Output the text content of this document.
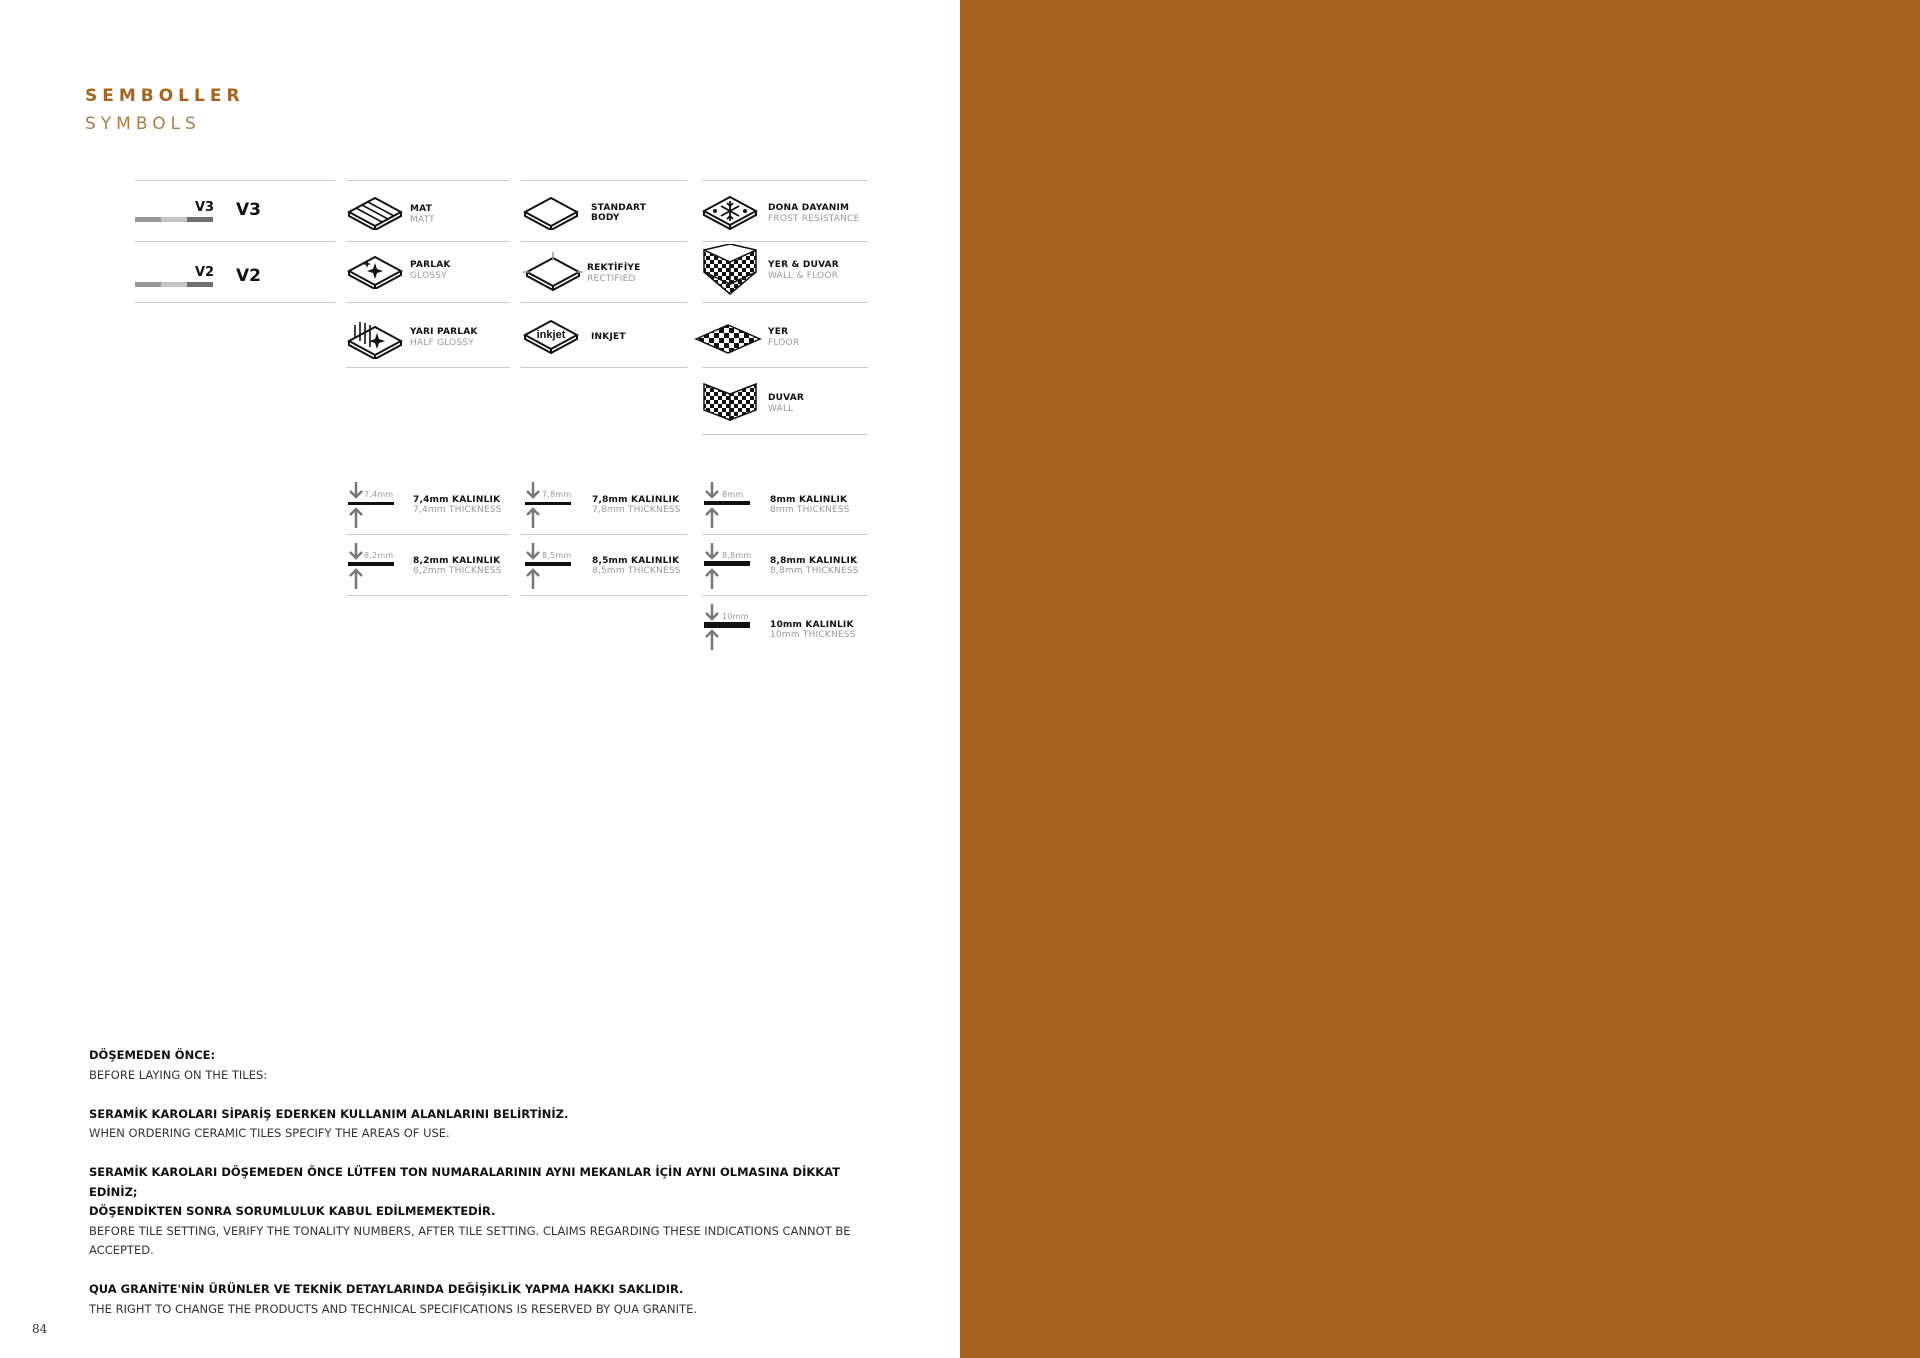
SEMBOLLER
SYMBOLS
V3 V3
V2 V2
MAT
MATT
PARLAK
GLOSSY
YARI PARLAK
HALF GLOSSY
STANDART
BODY
REKTİFİYE
RECTIFIED
inkjet	INKJET
DONA DAYANIM
FROST RESISTANCE
YER & DUVAR
WALL & FLOOR
YER
FLOOR
DUVAR
WALL
7,4mm
7,4mm KALINLIK
7,4mm THICKNESS
8,2mm
8,2mm KALINLIK
8,2mm THICKNESS
7,8mm
7,8mm KALINLIK
7,8mm THICKNESS
8,5mm
8,5mm KALINLIK
8,5mm THICKNESS
8mm
8mm KALINLIK
8mm THICKNESS
8,8mm
8,8mm KALINLIK
8,8mm THICKNESS
10mm
10mm KALINLIK
10mm THICKNESS
DÖŞEMEDEN ÖNCE:
BEFORE LAYING ON THE TILES:
SERAMİK KAROLARI SİPARİŞ EDERKEN KULLANIM ALANLARINI BELİRTİNİZ.
WHEN ORDERING CERAMIC TILES SPECIFY THE AREAS OF USE.
SERAMİK KAROLARI DÖŞEMEDEN ÖNCE LÜTFEN TON NUMARALARININ AYNI MEKANLAR İÇİN AYNI OLMASINA DİKKAT EDİNİZ;
DÖŞENDİKTEN SONRA SORUMLULUK KABUL EDİLMEMEKTEDİR.
BEFORE TILE SETTING, VERIFY THE TONALITY NUMBERS, AFTER TILE SETTING. CLAIMS REGARDING THESE INDICATIONS CANNOT BE
ACCEPTED.
QUA GRANİTE'NİN ÜRÜNLER VE TEKNİK DETAYLARINDA DEĞİŞİKLİK YAPMA HAKKI SAKLIDIR.
THE RIGHT TO CHANGE THE PRODUCTS AND TECHNICAL SPECIFICATIONS IS RESERVED BY QUA GRANITE.
84
